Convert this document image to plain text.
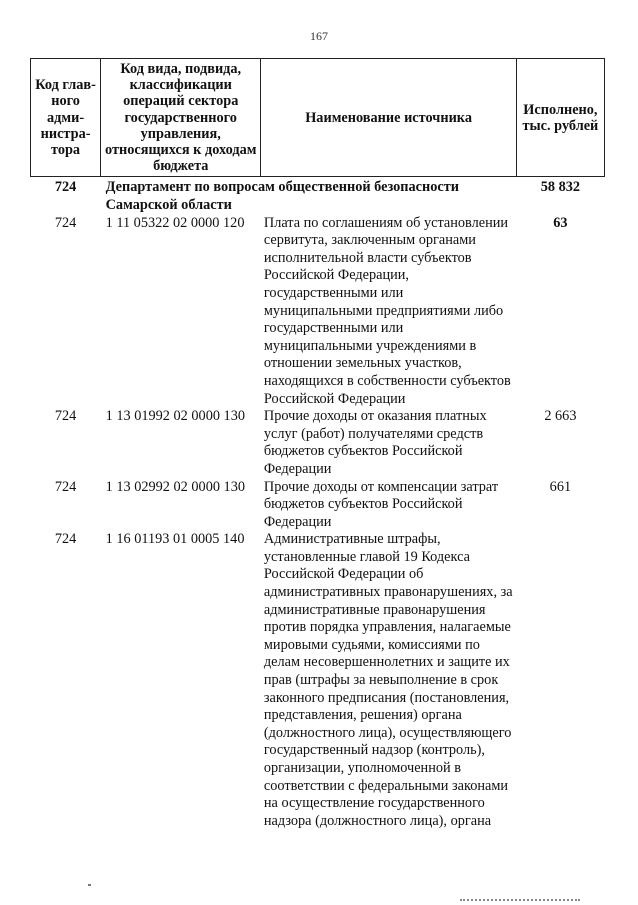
167
Код глав-ного адми-нистра-тора	Код вида, подвида, классификации операций сектора государственного управления, относящихся к доходам бюджета	Наименование источника	Исполнено, тыс. рублей
724	Департамент по вопросам общественной безопасности Самарской области		58 832
724	1 11 05322 02 0000 120	Плата по соглашениям об установлении сервитута, заключенным органами исполнительной власти субъектов Российской Федерации, государственными или муниципальными предприятиями либо государственными или муниципальными учреждениями в отношении земельных участков, находящихся в собственности субъектов Российской Федерации	63
724	1 13 01992 02 0000 130	Прочие доходы от оказания платных услуг (работ) получателями средств бюджетов субъектов Российской Федерации	2 663
724	1 13 02992 02 0000 130	Прочие доходы от компенсации затрат бюджетов субъектов Российской Федерации	661
724	1 16 01193 01 0005 140	Административные штрафы, установленные главой 19 Кодекса Российской Федерации об административных правонарушениях, за административные правонарушения против порядка управления, налагаемые мировыми судьями, комиссиями по делам несовершеннолетних и защите их прав (штрафы за невыполнение в срок законного предписания (постановления, представления, решения) органа (должностного лица), осуществляющего государственный надзор (контроль), организации, уполномоченной в соответствии с федеральными законами на осуществление государственного надзора (должностного лица), органа	
